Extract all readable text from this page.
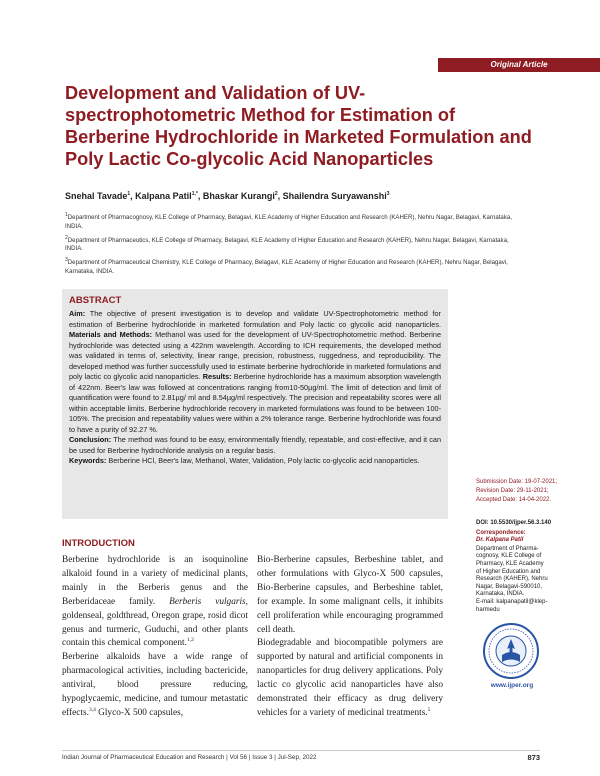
Original Article
Development and Validation of UV-spectrophotometric Method for Estimation of Berberine Hydrochloride in Marketed Formulation and Poly Lactic Co-glycolic Acid Nanoparticles
Snehal Tavade$^1$, Kalpana Patil$^{1,*}$, Bhaskar Kurangi$^2$, Shailendra Suryawanshi$^3$

$^1$Department of Pharmacognosy, KLE College of Pharmacy, Belagavi, KLE Academy of Higher Education and Research (KAHER), Nehru Nagar, Belagavi, Karnataka, INDIA.

$^2$Department of Pharmaceutics, KLE College of Pharmacy, Belagavi, KLE Academy of Higher Education and Research (KAHER), Nehru Nagar, Belagavi, Karnataka, INDIA.

$^3$Department of Pharmaceutical Chemistry, KLE College of Pharmacy, Belagavi, KLE Academy of Higher Education and Research (KAHER), Nehru Nagar, Belagavi, Karnataka, INDIA.

ABSTRACT

Aim: The objective of present investigation is to develop and validate UV-Spectrophotometric method for estimation of Berberine hydrochloride in marketed formulation and Poly lactic co glycolic acid nanoparticles. Materials and Methods: Methanol was used for the development of UV-Spectrophotometric method. Berberine hydrochloride was detected using a 422nm wavelength. According to ICH requirements, the developed method was validated in terms of, selectivity, linear range, precision, robustness, ruggedness, and reproducibility. The developed method was further successfully used to estimate berberine hydrochloride in marketed formulations and poly lactic co glycolic acid nanoparticles. Results: Berberine hydrochloride has a maximum absorption wavelength of 422nm. Beer's law was followed at concentrations ranging from10-50µg/ml. The limit of detection and limit of quantification were found to 2.81µg/ ml and 8.54µg/ml respectively. The precision and repeatability scores were all within acceptable limits. Berberine hydrochloride recovery in marketed formulations was found to be between 100-105%. The precision and repeatability values were within a 2% tolerance range. Berberine hydrochloride was found to have a purity of 92.27 %.
Conclusion: The method was found to be easy, environmentally friendly, repeatable, and cost-effective, and it can be used for Berberine hydrochloride analysis on a regular basis.
Keywords: Berberine HCl, Beer's law, Methanol, Water, Validation, Poly lactic co-glycolic acid nanoparticles.

Submission Date: 19-07-2021;
Revision Date: 29-11-2021;
Accepted Date: 14-04-2022.
DOI: 10.5530/ijper.56.3.140
Correspondence:
Dr. Kalpana Patil
Department of Pharma-
cognosy, KLE College of
Pharmacy, KLE Academy
of Higher Education and
Research (KAHER), Nehru
Nagar, Belagavi-590010,
Karnataka, INDIA.
E-mail: kalpanapatil@klep-
harmedu
www.ijper.org
INTRODUCTION

Berberine hydrochloride is an isoquinoline alkaloid found in a variety of medicinal plants, mainly in the Berberis genus and the Berberidaceae family. Berberis vulgaris, goldenseal, goldthread, Oregon grape, rosid dicot genus and turmeric, Guduchi, and other plants contain this chemical component.$^{1,2}$

Berberine alkaloids have a wide range of pharmacological activities, including bactericide, antiviral, blood pressure reducing, hypoglycaemic, medicine, and tumour metastatic effects.$^{3,4}$ Glyco-X 500 capsules,

Bio-Berberine capsules, Berbeshine tablet, and other formulations with Glyco-X 500 capsules, Bio-Berberine capsules, and Berbeshine tablet, for example. In some malignant cells, it inhibits cell proliferation while encouraging programmed cell death.

Biodegradable and biocompatible polymers are supported by natural and artificial components in nanoparticles for drug delivery applications. Poly lactic co glycolic acid nanoparticles have also demonstrated their efficacy as drug delivery vehicles for a variety of medicinal treatments.$^5$

Indian Journal of Pharmaceutical Education and Research | Vol 56 | Issue 3 | Jul-Sep, 2022	873
